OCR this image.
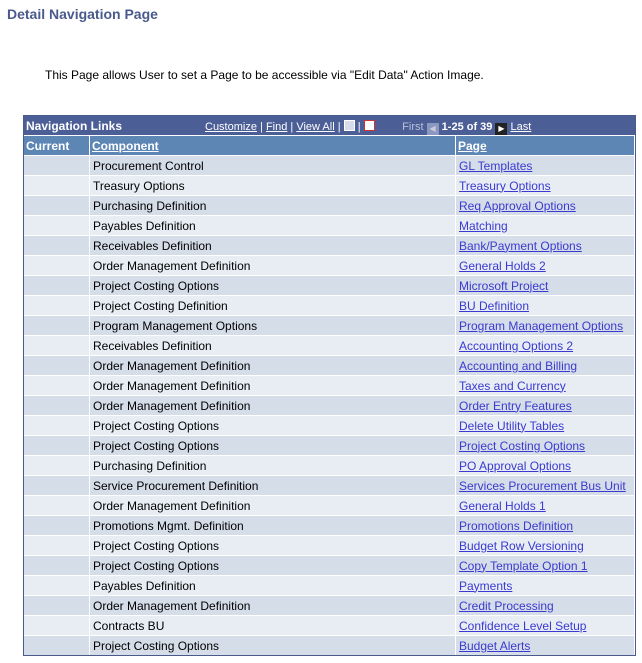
Detail Navigation Page
This Page allows User to set a Page to be accessible via "Edit Data" Action Image.
Navigation Links	Customize | Find | View All |  |	First ◀ 1-25 of 39 ▶ Last
Current	Component	Page
	Procurement Control	GL Templates
	Treasury Options	Treasury Options
	Purchasing Definition	Req Approval Options
	Payables Definition	Matching
	Receivables Definition	Bank/Payment Options
	Order Management Definition	General Holds 2
	Project Costing Options	Microsoft Project
	Project Costing Definition	BU Definition
	Program Management Options	Program Management Options
	Receivables Definition	Accounting Options 2
	Order Management Definition	Accounting and Billing
	Order Management Definition	Taxes and Currency
	Order Management Definition	Order Entry Features
	Project Costing Options	Delete Utility Tables
	Project Costing Options	Project Costing Options
	Purchasing Definition	PO Approval Options
	Service Procurement Definition	Services Procurement Bus Unit
	Order Management Definition	General Holds 1
	Promotions Mgmt. Definition	Promotions Definition
	Project Costing Options	Budget Row Versioning
	Project Costing Options	Copy Template Option 1
	Payables Definition	Payments
	Order Management Definition	Credit Processing
	Contracts BU	Confidence Level Setup
	Project Costing Options	Budget Alerts
